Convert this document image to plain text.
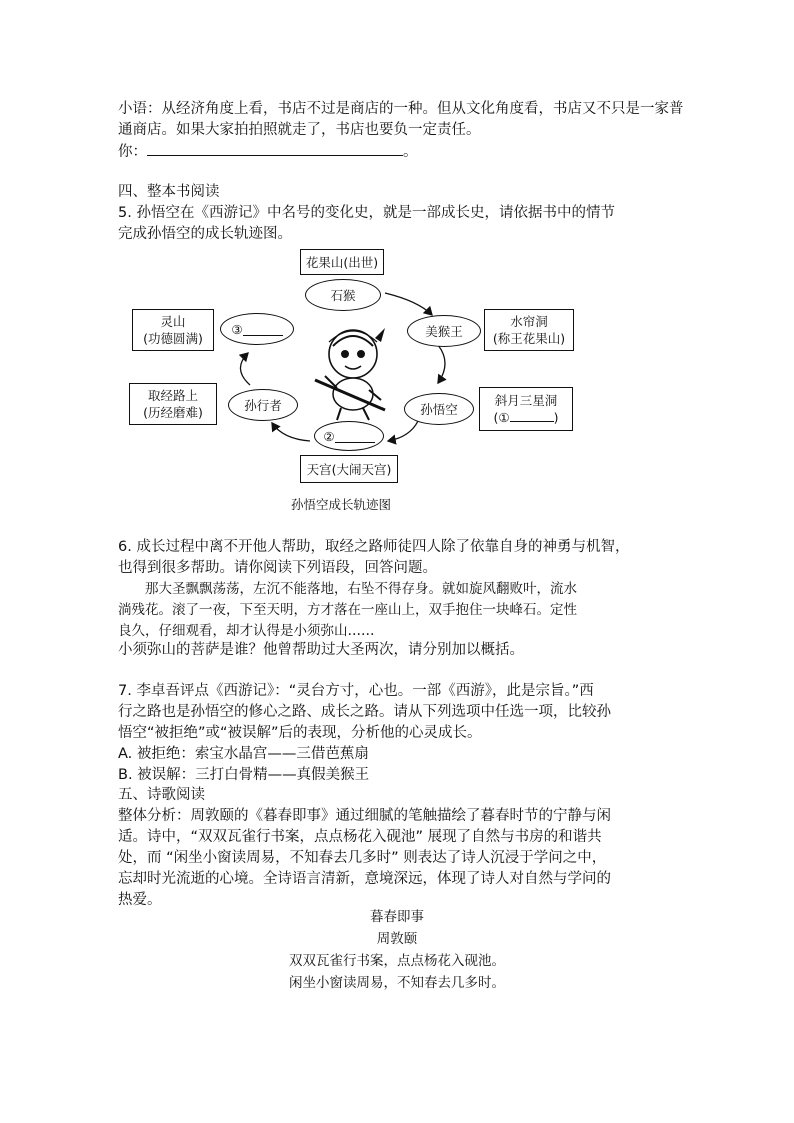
小语：从经济角度上看，书店不过是商店的一种。但从文化角度看，书店又不只是一家普
通商店。如果大家拍拍照就走了，书店也要负一定责任。
你：	。
四、整本书阅读
5. 孙悟空在《西游记》中名号的变化史，就是一部成长史，请依据书中的情节
完成孙悟空的成长轨迹图。
花果山(出世)
石猴
美猴王
水帘洞
(称王花果山)
孙悟空
斜月三星洞
(①	)
②
天宫(大闹天宫)
孙行者
取经路上
(历经磨难)
③
灵山
(功德圆满)
孙悟空成长轨迹图
6. 成长过程中离不开他人帮助，取经之路师徒四人除了依靠自身的神勇与机智，
也得到很多帮助。请你阅读下列语段，回答问题。
　　那大圣飘飘荡荡，左沉不能落地，右坠不得存身。就如旋风翻败叶，流水
淌残花。滚了一夜，下至天明，方才落在一座山上，双手抱住一块峰石。定性
良久，仔细观看，却才认得是小须弥山……
小须弥山的菩萨是谁？他曾帮助过大圣两次，请分别加以概括。
7. 李卓吾评点《西游记》：“灵台方寸，心也。一部《西游》，此是宗旨。”西
行之路也是孙悟空的修心之路、成长之路。请从下列选项中任选一项，比较孙
悟空“被拒绝”或“被误解”后的表现，分析他的心灵成长。
A. 被拒绝：索宝水晶宫——三借芭蕉扇
B. 被误解：三打白骨精——真假美猴王
五、诗歌阅读
整体分析：周敦颐的《暮春即事》通过细腻的笔触描绘了暮春时节的宁静与闲
适。诗中，“双双瓦雀行书案，点点杨花入砚池” 展现了自然与书房的和谐共
处，而 “闲坐小窗读周易，不知春去几多时” 则表达了诗人沉浸于学问之中，
忘却时光流逝的心境。全诗语言清新，意境深远，体现了诗人对自然与学问的
热爱。
暮春即事
周敦颐
双双瓦雀行书案，点点杨花入砚池。
闲坐小窗读周易，不知春去几多时。
